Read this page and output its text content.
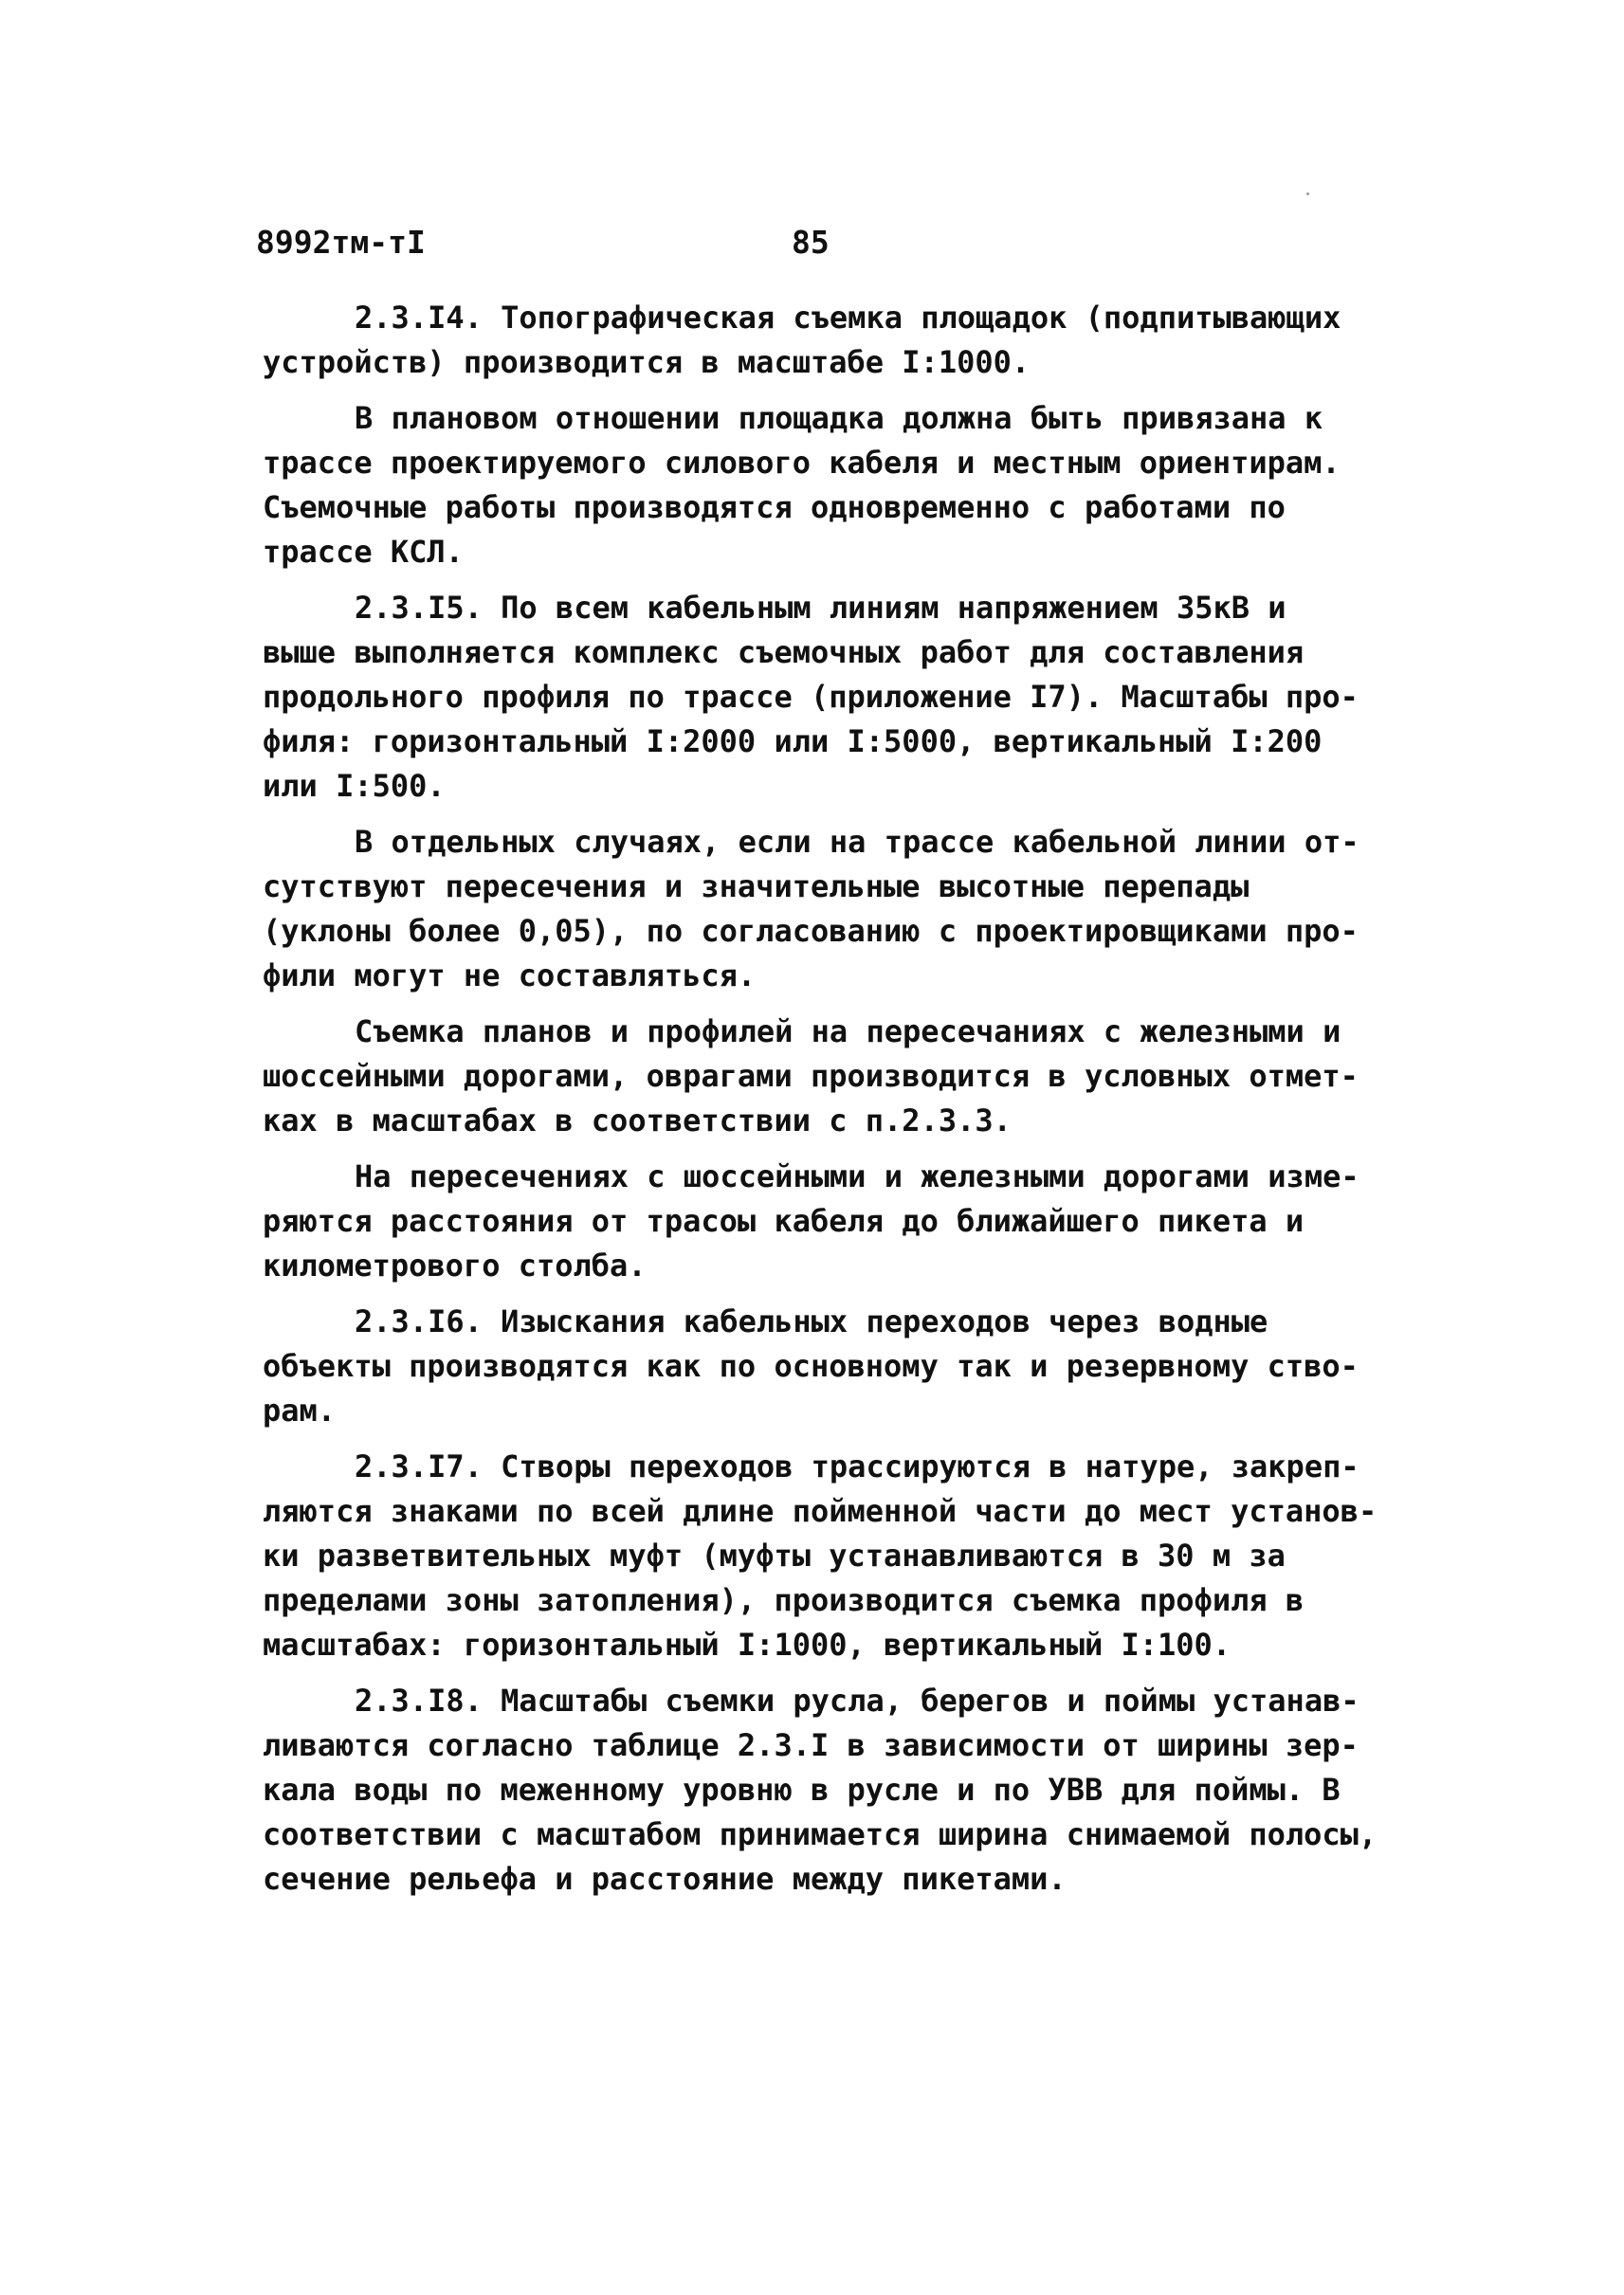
8992тм-тI	85
2.3.I4. Топографическая съемка площадок (подпитывающих
устройств) производится в масштабе I:1000.
В плановом отношении площадка должна быть привязана к
трассе проектируемого силового кабеля и местным ориентирам.
Съемочные работы производятся одновременно с работами по
трассе КСЛ.
2.3.I5. По всем кабельным линиям напряжением 35кВ и
выше выполняется комплекс съемочных работ для составления
продольного профиля по трассе (приложение I7). Масштабы про-
филя: горизонтальный I:2000 или I:5000, вертикальный I:200
или I:500.
В отдельных случаях, если на трассе кабельной линии от-
сутствуют пересечения и значительные высотные перепады
(уклоны более 0,05), по согласованию с проектировщиками про-
фили могут не составляться.
Съемка планов и профилей на пересечаниях с железными и
шоссейными дорогами, оврагами производится в условных отмет-
ках в масштабах в соответствии с п.2.3.3.
На пересечениях с шоссейными и железными дорогами изме-
ряются расстояния от трасоы кабеля до ближайшего пикета и
километрового столба.
2.3.I6. Изыскания кабельных переходов через водные
объекты производятся как по основному так и резервному ство-
рам.
2.3.I7. Створы переходов трассируются в натуре, закреп-
ляются знаками по всей длине пойменной части до мест установ-
ки разветвительных муфт (муфты устанавливаются в 30 м за
пределами зоны затопления), производится съемка профиля в
масштабах: горизонтальный I:1000, вертикальный I:100.
2.3.I8. Масштабы съемки русла, берегов и поймы устанав-
ливаются согласно таблице 2.3.I в зависимости от ширины зер-
кала воды по меженному уровню в русле и по УВВ для поймы. В
соответствии с масштабом принимается ширина снимаемой полосы,
сечение рельефа и расстояние между пикетами.
